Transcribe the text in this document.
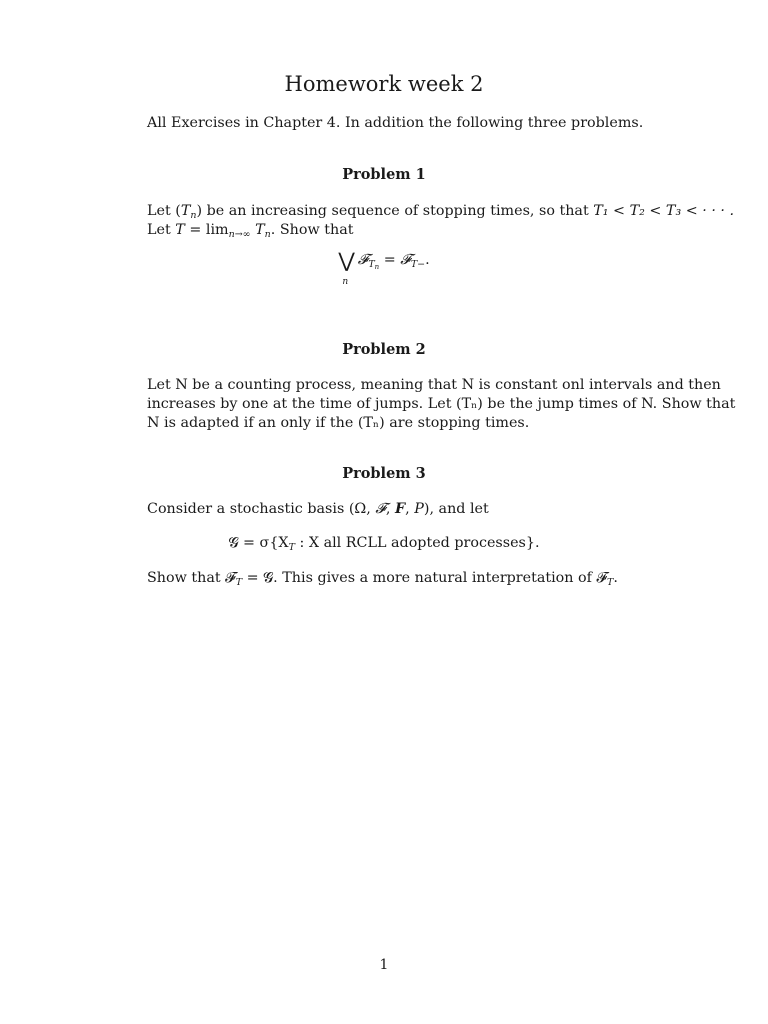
Homework week 2
All Exercises in Chapter 4. In addition the following three problems.
Problem 1
Let $(T_n)$ be an increasing sequence of stopping times, so that T₁ < T₂ < T₃ < · · · .
Let $T = \lim_{n\to\infty} T_n$. Show that
⋁
n
𝓕$_{T_n}$ = 𝓕$_{T-}$.
Problem 2
Let N be a counting process, meaning that N is constant onl intervals and then
increases by one at the time of jumps. Let (Tₙ) be the jump times of N. Show that
N is adapted if an only if the (Tₙ) are stopping times.
Problem 3
Consider a stochastic basis (Ω, 𝓕, F, P), and let
𝓖 = $\sigma\{X_T$ : X all RCLL adopted processes}.
Show that 𝓕$_T$ = 𝓖. This gives a more natural interpretation of 𝓕$_T$.
1
